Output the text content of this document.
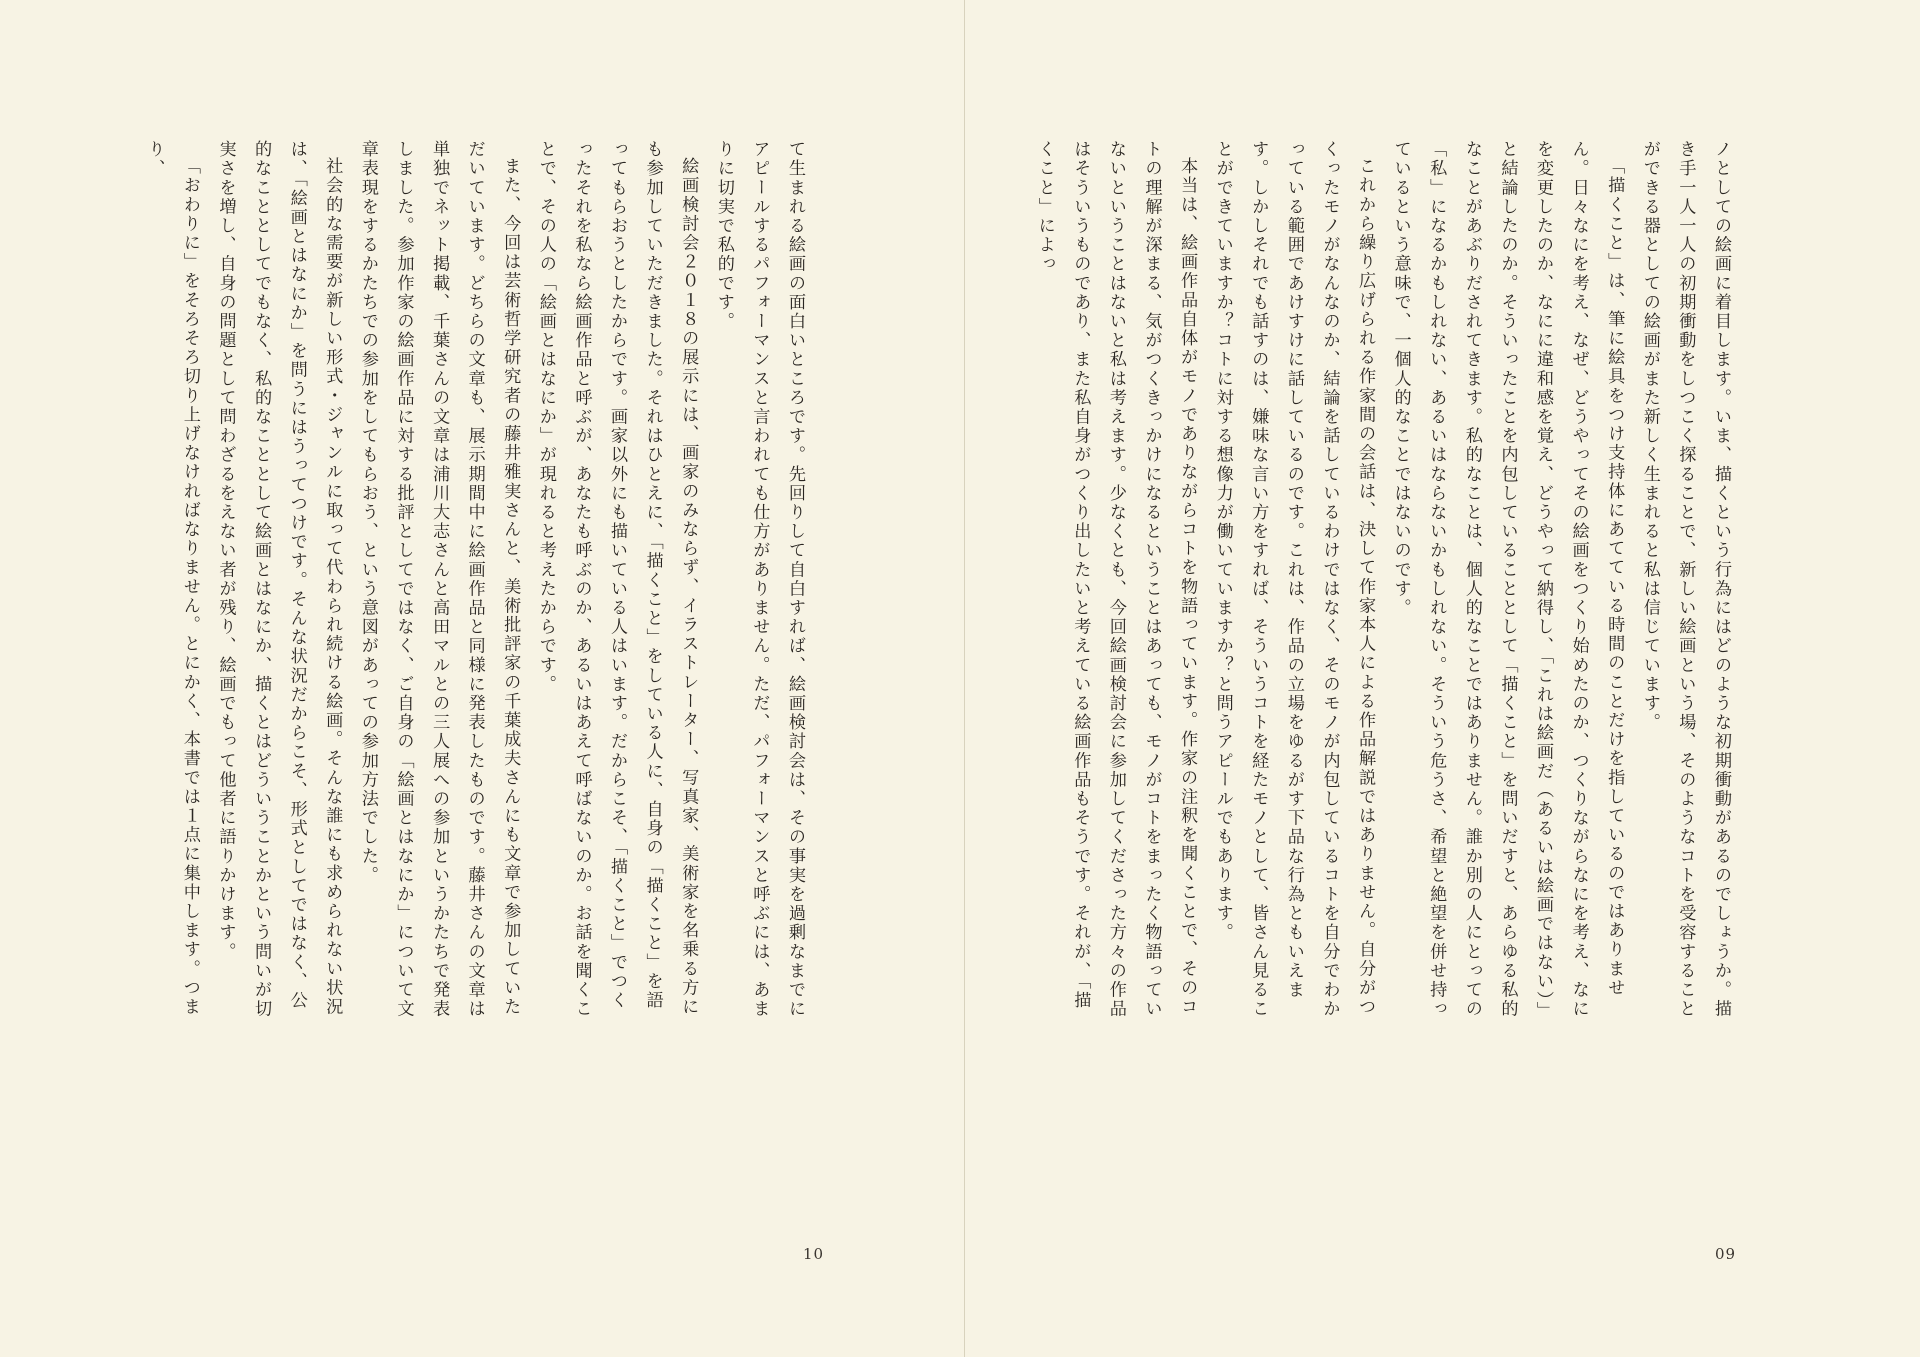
て生まれる絵画の面白いところです。先回りして自白すれば、絵画検討会は、その事実を過剰なまでにアピールするパフォーマンスと言われても仕方がありません。ただ、パフォーマンスと呼ぶには、あまりに切実で私的です。

絵画検討会２０１８の展示には、画家のみならず、イラストレーター、写真家、美術家を名乗る方にも参加していただきました。それはひとえに、「描くこと」をしている人に、自身の「描くこと」を語ってもらおうとしたからです。画家以外にも描いている人はいます。だからこそ、「描くこと」でつくったそれを私なら絵画作品と呼ぶが、あなたも呼ぶのか、あるいはあえて呼ばないのか。お話を聞くことで、その人の「絵画とはなにか」が現れると考えたからです。

また、今回は芸術哲学研究者の藤井雅実さんと、美術批評家の千葉成夫さんにも文章で参加していただいています。どちらの文章も、展示期間中に絵画作品と同様に発表したものです。藤井さんの文章は単独でネット掲載、千葉さんの文章は浦川大志さんと高田マルとの三人展への参加というかたちで発表しました。参加作家の絵画作品に対する批評としてではなく、ご自身の「絵画とはなにか」について文章表現をするかたちでの参加をしてもらおう、という意図があっての参加方法でした。

社会的な需要が新しい形式・ジャンルに取って代わられ続ける絵画。そんな誰にも求められない状況は、「絵画とはなにか」を問うにはうってつけです。そんな状況だからこそ、形式としてではなく、公的なこととしてでもなく、私的なこととして絵画とはなにか、描くとはどういうことかという問いが切実さを増し、自身の問題として問わざるをえない者が残り、絵画でもって他者に語りかけます。

「おわりに」をそろそろ切り上げなければなりません。とにかく、本書では１点に集中します。つまり、

10

ノとしての絵画に着目します。いま、描くという行為にはどのような初期衝動があるのでしょうか。描き手一人一人の初期衝動をしつこく探ることで、新しい絵画という場、そのようなコトを受容することができる器としての絵画がまた新しく生まれると私は信じています。

「描くこと」は、筆に絵具をつけ支持体にあてている時間のことだけを指しているのではありません。日々なにを考え、なぜ、どうやってその絵画をつくり始めたのか、つくりながらなにを考え、なにを変更したのか、なにに違和感を覚え、どうやって納得し、「これは絵画だ（あるいは絵画ではない）」と結論したのか。そういったことを内包していることとして「描くこと」を問いだすと、あらゆる私的なことがあぶりだされてきます。私的なことは、個人的なことではありません。誰か別の人にとっての「私」になるかもしれない、あるいはならないかもしれない。そういう危うさ、希望と絶望を併せ持っているという意味で、一個人的なことではないのです。

これから繰り広げられる作家間の会話は、決して作家本人による作品解説ではありません。自分がつくったモノがなんなのか、結論を話しているわけではなく、そのモノが内包しているコトを自分でわかっている範囲であけすけに話しているのです。これは、作品の立場をゆるがす下品な行為ともいえます。しかしそれでも話すのは、嫌味な言い方をすれば、そういうコトを経たモノとして、皆さん見ることができていますか？コトに対する想像力が働いていますか？と問うアピールでもあります。

本当は、絵画作品自体がモノでありながらコトを物語っています。作家の注釈を聞くことで、そのコトの理解が深まる、気がつくきっかけになるということはあっても、モノがコトをまったく物語っていないということはないと私は考えます。少なくとも、今回絵画検討会に参加してくださった方々の作品はそういうものであり、また私自身がつくり出したいと考えている絵画作品もそうです。それが、「描くこと」によっ

09
